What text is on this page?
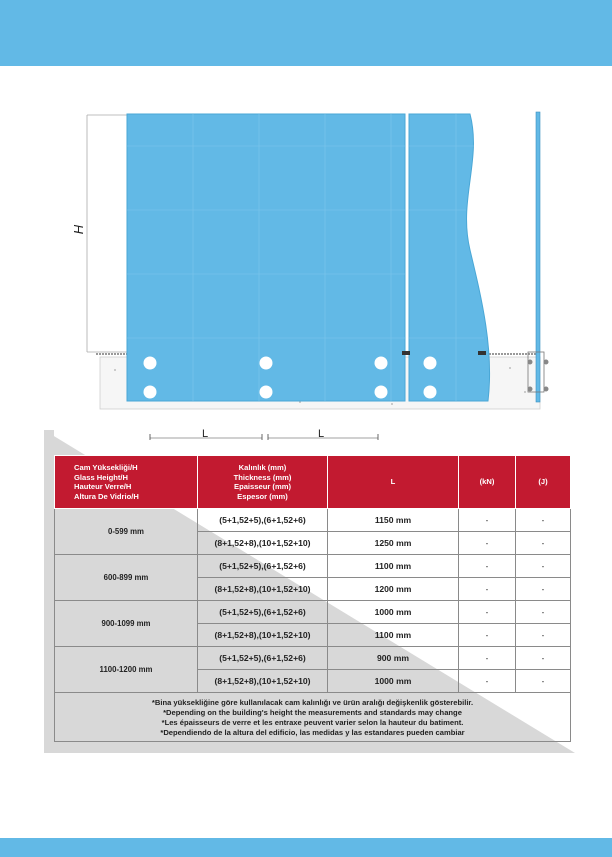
H
L	L
Cam Yüksekliği/H
Glass Height/H
Hauteur Verre/H
Altura De Vidrio/H	Kalınlık (mm)
Thickness (mm)
Epaisseur (mm)
Espesor (mm)	L	(kN)	(J)
0-599 mm	(5+1,52+5),(6+1,52+6)	1150 mm	-	-
	(8+1,52+8),(10+1,52+10)	1250 mm	-	-
600-899 mm	(5+1,52+5),(6+1,52+6)	1100 mm	-	-
	(8+1,52+8),(10+1,52+10)	1200 mm	-	-
900-1099 mm	(5+1,52+5),(6+1,52+6)	1000 mm	-	-
	(8+1,52+8),(10+1,52+10)	1100 mm	-	-
1100-1200 mm	(5+1,52+5),(6+1,52+6)	900 mm	-	-
	(8+1,52+8),(10+1,52+10)	1000 mm	-	-

*Bina yüksekliğine göre kullanılacak cam kalınlığı ve ürün aralığı değişkenlik gösterebilir.
*Depending on the building's height the measurements and standards may change
*Les épaisseurs de verre et les entraxe peuvent varier selon la hauteur du batiment.
*Dependiendo de la altura del edificio, las medidas y las estandares pueden cambiar				
